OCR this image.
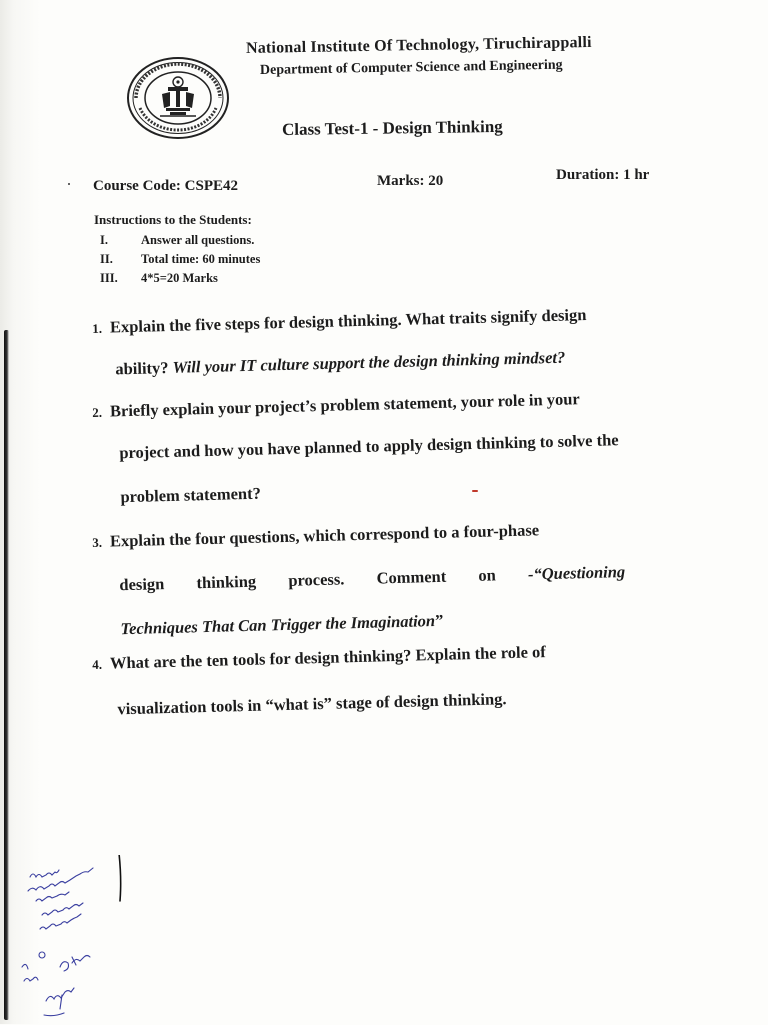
National Institute Of Technology, Tiruchirappalli
Department of Computer Science and Engineering
Class Test-1 - Design Thinking
Course Code: CSPE42	Marks: 20	Duration: 1 hr
Instructions to the Students:
I.	Answer all questions.
II. Total time: 60 minutes
III. 4*5=20 Marks
1. Explain the five steps for design thinking. What traits signify design
ability? Will your IT culture support the design thinking mindset?
2. Briefly explain your project’s problem statement, your role in your
project and how you have planned to apply design thinking to solve the
problem statement?
3. Explain the four questions, which correspond to a four-phase
design thinking process. Comment on -“Questioning
Techniques That Can Trigger the Imagination”
4. What are the ten tools for design thinking? Explain the role of
visualization tools in “what is” stage of design thinking.
